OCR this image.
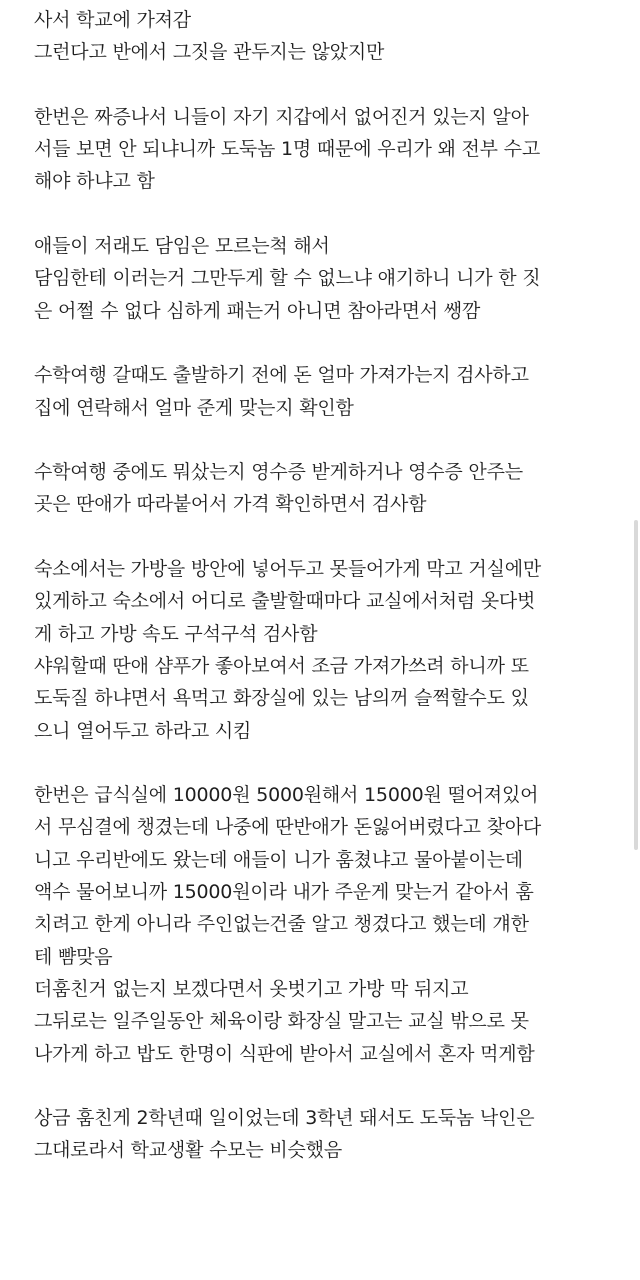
사서 학교에 가져감
그런다고 반에서 그짓을 관두지는 않았지만
한번은 짜증나서 니들이 자기 지갑에서 없어진거 있는지 알아
서들 보면 안 되냐니까 도둑놈 1명 때문에 우리가 왜 전부 수고
해야 하냐고 함
애들이 저래도 담임은 모르는척 해서
담임한테 이러는거 그만두게 할 수 없느냐 얘기하니 니가 한 짓
은 어쩔 수 없다 심하게 패는거 아니면 참아라면서 쌩깜
수학여행 갈때도 출발하기 전에 돈 얼마 가져가는지 검사하고
집에 연락해서 얼마 준게 맞는지 확인함
수학여행 중에도 뭐샀는지 영수증 받게하거나 영수증 안주는
곳은 딴애가 따라붙어서 가격 확인하면서 검사함
숙소에서는 가방을 방안에 넣어두고 못들어가게 막고 거실에만
있게하고 숙소에서 어디로 출발할때마다 교실에서처럼 옷다벗
게 하고 가방 속도 구석구석 검사함
샤워할때 딴애 샴푸가 좋아보여서 조금 가져가쓰려 하니까 또
도둑질 하냐면서 욕먹고 화장실에 있는 남의꺼 슬쩍할수도 있
으니 열어두고 하라고 시킴
한번은 급식실에 10000원 5000원해서 15000원 떨어져있어
서 무심결에 챙겼는데 나중에 딴반애가 돈잃어버렸다고 찾아다
니고 우리반에도 왔는데 애들이 니가 훔쳤냐고 물아붙이는데
액수 물어보니까 15000원이라 내가 주운게 맞는거 같아서 훔
치려고 한게 아니라 주인없는건줄 알고 챙겼다고 했는데 걔한
테 뺨맞음
더훔친거 없는지 보겠다면서 옷벗기고 가방 막 뒤지고
그뒤로는 일주일동안 체육이랑 화장실 말고는 교실 밖으로 못
나가게 하고 밥도 한명이 식판에 받아서 교실에서 혼자 먹게함
상금 훔친게 2학년때 일이었는데 3학년 돼서도 도둑놈 낙인은
그대로라서 학교생활 수모는 비슷했음
